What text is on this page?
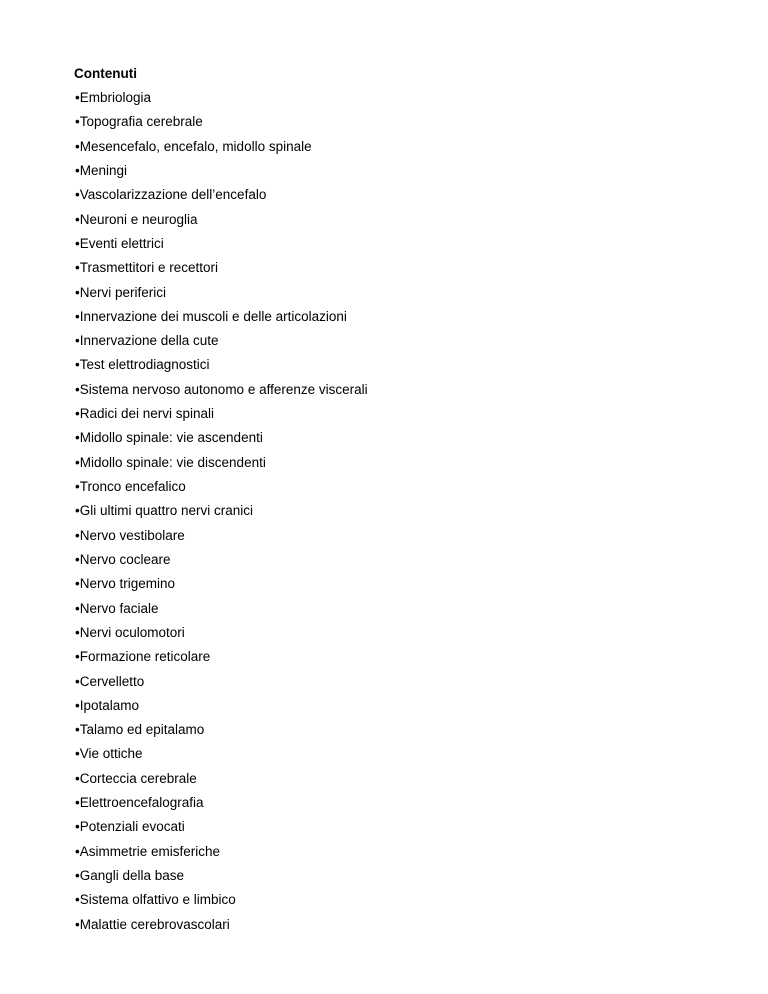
Contenuti
•Embriologia
•Topografia cerebrale
•Mesencefalo, encefalo, midollo spinale
•Meningi
•Vascolarizzazione dell’encefalo
•Neuroni e neuroglia
•Eventi elettrici
•Trasmettitori e recettori
•Nervi periferici
•Innervazione dei muscoli e delle articolazioni
•Innervazione della cute
•Test elettrodiagnostici
•Sistema nervoso autonomo e afferenze viscerali
•Radici dei nervi spinali
•Midollo spinale: vie ascendenti
•Midollo spinale: vie discendenti
•Tronco encefalico
•Gli ultimi quattro nervi cranici
•Nervo vestibolare
•Nervo cocleare
•Nervo trigemino
•Nervo faciale
•Nervi oculomotori
•Formazione reticolare
•Cervelletto
•Ipotalamo
•Talamo ed epitalamo
•Vie ottiche
•Corteccia cerebrale
•Elettroencefalografia
•Potenziali evocati
•Asimmetrie emisferiche
•Gangli della base
•Sistema olfattivo e limbico
•Malattie cerebrovascolari
